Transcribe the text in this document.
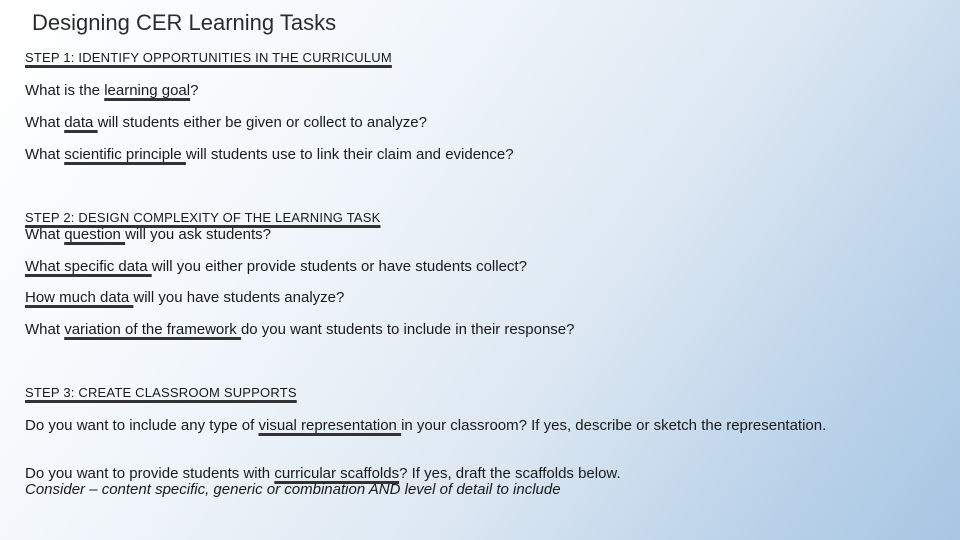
Designing CER Learning Tasks
STEP 1: IDENTIFY OPPORTUNITIES IN THE CURRICULUM
What is the learning goal?
What data will students either be given or collect to analyze?
What scientific principle will students use to link their claim and evidence?
STEP 2: DESIGN COMPLEXITY OF THE LEARNING TASK
What question will you ask students?
What specific data will you either provide students or have students collect?
How much data will you have students analyze?
What variation of the framework do you want students to include in their response?
STEP 3: CREATE CLASSROOM SUPPORTS
Do you want to include any type of visual representation in your classroom? If yes, describe or sketch the representation.
Do you want to provide students with curricular scaffolds? If yes, draft the scaffolds below.
Consider – content specific, generic or combination AND level of detail to include
